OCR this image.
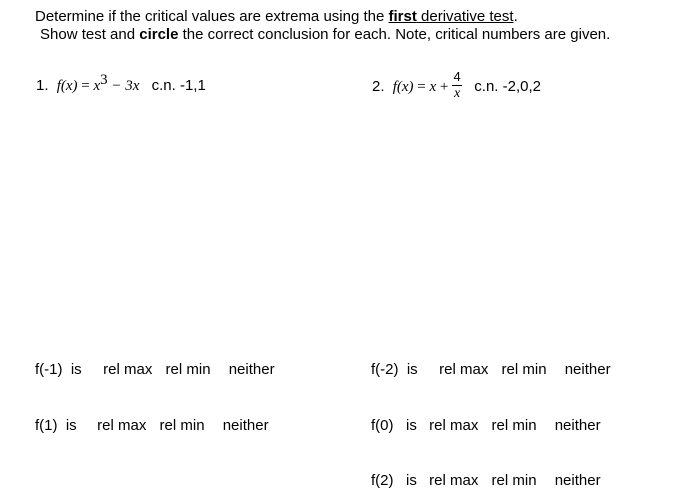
Determine if the critical values are extrema using the first derivative test.
Show test and circle the correct conclusion for each. Note, critical numbers are given.
1. $f(x) = x^3 - 3x$ c.n. -1,1	2. $f(x) = x + \frac{4}{x} c.n$. -2,0,2
f(-1)  is rel max rel min neither
f(1)  is rel max rel min neither
f(-2)  is rel max rel min neither
f(0)   is rel max rel min neither
f(2)   is rel max rel min neither
